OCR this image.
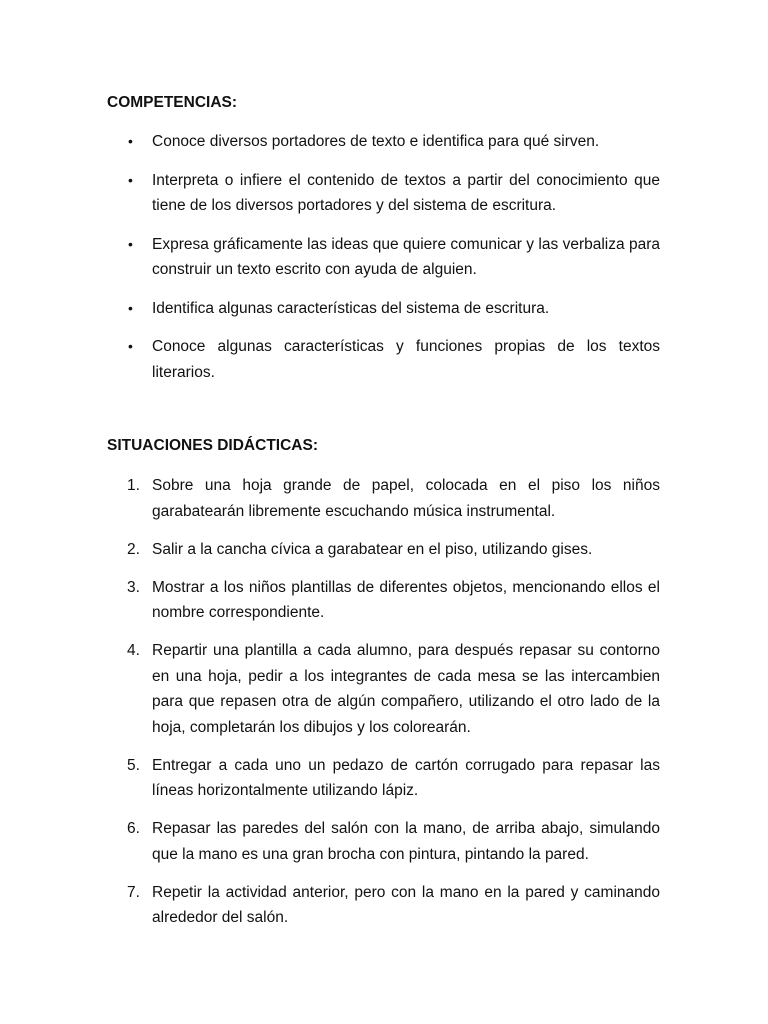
COMPETENCIAS:
•	Conoce diversos portadores de texto e identifica para qué sirven.
•	Interpreta o infiere el contenido de textos a partir del conocimiento que tiene de los diversos portadores y del sistema de escritura.
•	Expresa gráficamente las ideas que quiere comunicar y las verbaliza para construir un texto escrito con ayuda de alguien.
•	Identifica algunas características del sistema de escritura.
•	Conoce algunas características y funciones propias de los textos literarios.
SITUACIONES DIDÁCTICAS:
1. Sobre una hoja grande de papel, colocada en el piso los niños garabatearán libremente escuchando música instrumental.
2. Salir a la cancha cívica a garabatear en el piso, utilizando gises.
3. Mostrar a los niños plantillas de diferentes objetos, mencionando ellos el nombre correspondiente.
4. Repartir una plantilla a cada alumno, para después repasar su contorno en una hoja, pedir a los integrantes de cada mesa se las intercambien para que repasen otra de algún compañero, utilizando el otro lado de la hoja, completarán los dibujos y los colorearán.
5. Entregar a cada uno un pedazo de cartón corrugado para repasar las líneas horizontalmente utilizando lápiz.
6. Repasar las paredes del salón con la mano, de arriba abajo, simulando que la mano es una gran brocha con pintura, pintando la pared.
7. Repetir la actividad anterior, pero con la mano en la pared y caminando alrededor del salón.
